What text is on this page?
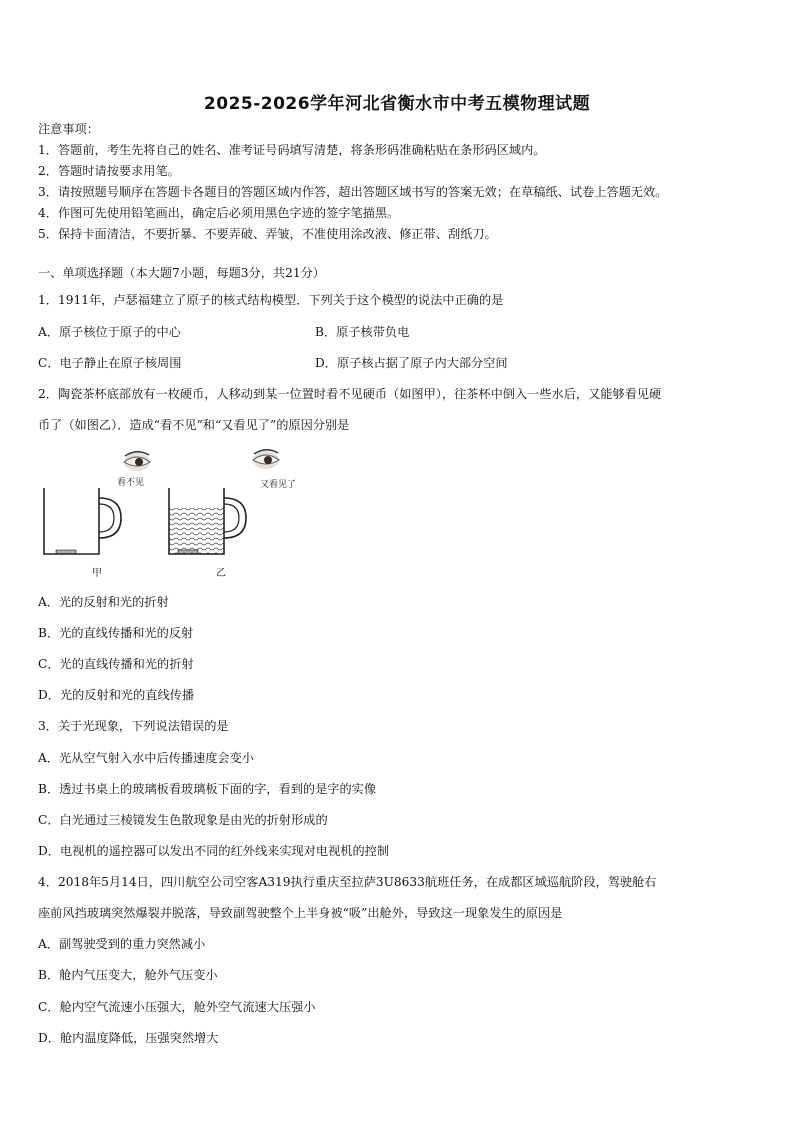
2025-2026学年河北省衡水市中考五模物理试题
注意事项：
1．答题前，考生先将自己的姓名、准考证号码填写清楚，将条形码准确粘贴在条形码区域内。
2．答题时请按要求用笔。
3．请按照题号顺序在答题卡各题目的答题区域内作答，超出答题区域书写的答案无效；在草稿纸、试卷上答题无效。
4．作图可先使用铅笔画出，确定后必须用黑色字迹的签字笔描黑。
5．保持卡面清洁，不要折暴、不要弄破、弄皱，不准使用涂改液、修正带、刮纸刀。
一、单项选择题（本大题7小题，每题3分，共21分）
1．1911年，卢瑟福建立了原子的核式结构模型．下列关于这个模型的说法中正确的是
A．原子核位于原子的中心	B．原子核带负电
C．电子静止在原子核周围	D．原子核占据了原子内大部分空间
2．陶瓷茶杯底部放有一枚硬币，人移动到某一位置时看不见硬币（如图甲），往茶杯中倒入一些水后，又能够看见硬
币了（如图乙）．造成“看不见”和“又看见了”的原因分别是
看不见
甲
又看见了
乙
A．光的反射和光的折射
B．光的直线传播和光的反射
C．光的直线传播和光的折射
D．光的反射和光的直线传播
3．关于光现象，下列说法错误的是
A．光从空气射入水中后传播速度会变小
B．透过书桌上的玻璃板看玻璃板下面的字，看到的是字的实像
C．白光通过三棱镜发生色散现象是由光的折射形成的
D．电视机的遥控器可以发出不同的红外线来实现对电视机的控制
4．2018年5月14日，四川航空公司空客A319执行重庆至拉萨3U8633航班任务，在成都区域巡航阶段，驾驶舱右
座前风挡玻璃突然爆裂并脱落，导致副驾驶整个上半身被“吸”出舱外，导致这一现象发生的原因是
A．副驾驶受到的重力突然减小
B．舱内气压变大，舱外气压变小
C．舱内空气流速小压强大，舱外空气流速大压强小
D．舱内温度降低，压强突然增大
